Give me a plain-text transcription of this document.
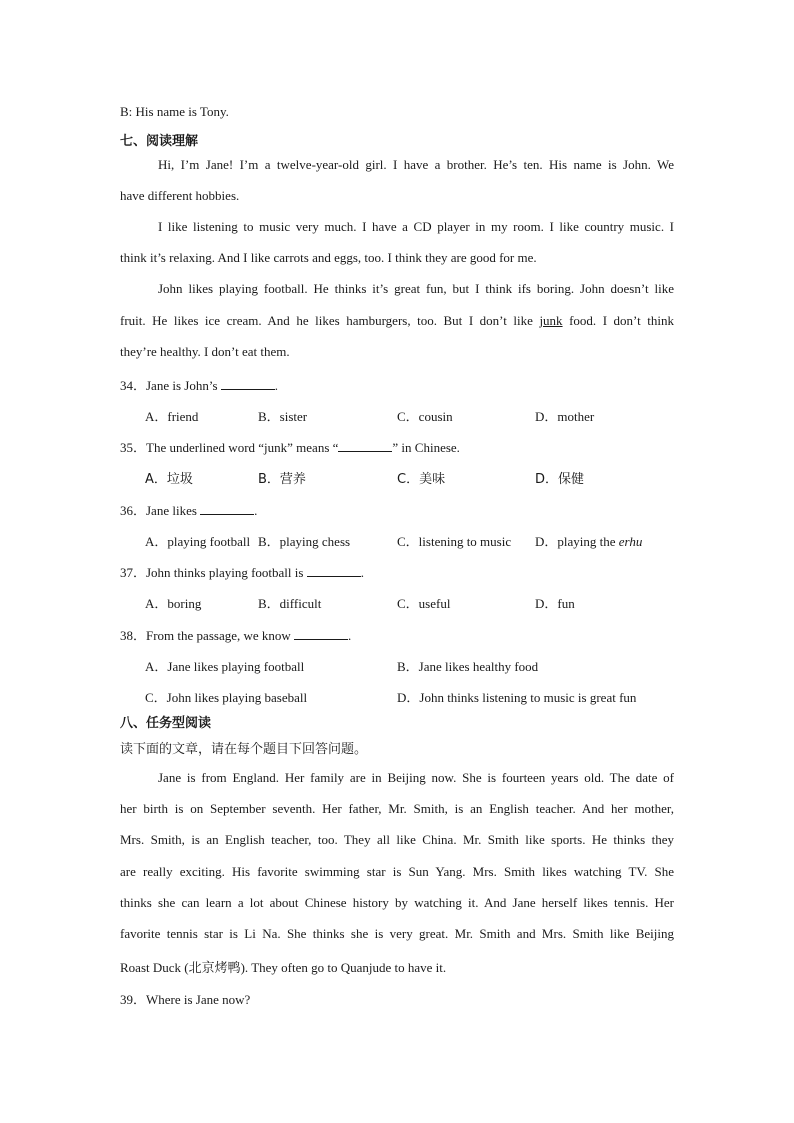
B: His name is Tony.
七、阅读理解
Hi, I’m Jane! I’m a twelve-year-old girl. I have a brother. He’s ten. His name is John. We
have different hobbies.
I like listening to music very much. I have a CD player in my room. I like country music. I
think it’s relaxing. And I like carrots and eggs, too. I think they are good for me.
John likes playing football. He thinks it’s great fun, but I think ifs boring. John doesn’t like
fruit. He likes ice cream. And he likes hamburgers, too. But I don’t like junk food. I don’t think
they’re healthy. I don’t eat them.
34．Jane is John’s	.
A．friend	B．sister	C．cousin	D．mother
35．The underlined word “junk” means “	” in Chinese.
A．垃圾	B．营养	C．美味	D．保健
36．Jane likes	.
A．playing football B．playing chess	C．listening to music D．playing the erhu
37．John thinks playing football is	.
A．boring	B．difficult	C．useful	D．fun
38．From the passage, we know	.
A．Jane likes playing football	B．Jane likes healthy food
C．John likes playing baseball	D．John thinks listening to music is great fun
八、任务型阅读
读下面的文章，请在每个题目下回答问题。
Jane is from England. Her family are in Beijing now. She is fourteen years old. The date of
her birth is on September seventh. Her father, Mr. Smith, is an English teacher. And her mother,
Mrs. Smith, is an English teacher, too. They all like China. Mr. Smith like sports. He thinks they
are really exciting. His favorite swimming star is Sun Yang. Mrs. Smith likes watching TV. She
thinks she can learn a lot about Chinese history by watching it. And Jane herself likes tennis. Her
favorite tennis star is Li Na. She thinks she is very great. Mr. Smith and Mrs. Smith like Beijing
Roast Duck (北京烤鸭). They often go to Quanjude to have it.
39．Where is Jane now?
